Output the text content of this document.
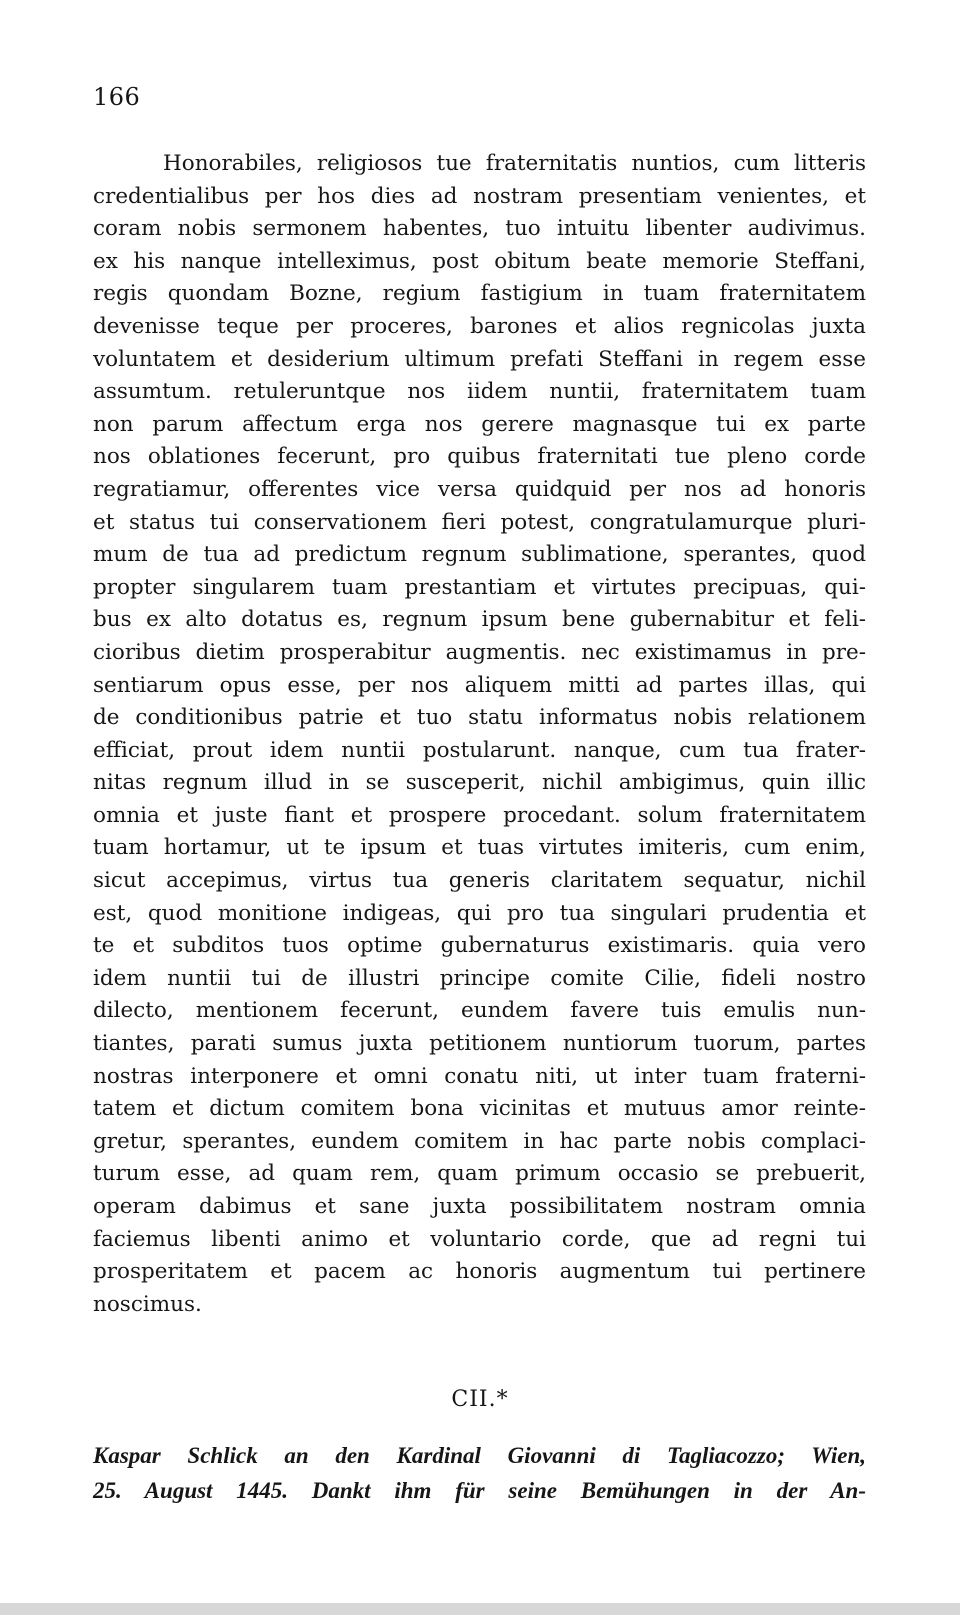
166
Honorabiles, religiosos tue fraternitatis nuntios, cum litteris
credentialibus per hos dies ad nostram presentiam venientes, et
coram nobis sermonem habentes, tuo intuitu libenter audivimus.
ex his nanque intelleximus, post obitum beate memorie Steffani,
regis quondam Bozne, regium fastigium in tuam fraternitatem
devenisse teque per proceres, barones et alios regnicolas juxta
voluntatem et desiderium ultimum prefati Steffani in regem esse
assumtum. retuleruntque nos iidem nuntii, fraternitatem tuam
non parum affectum erga nos gerere magnasque tui ex parte
nos oblationes fecerunt, pro quibus fraternitati tue pleno corde
regratiamur, offerentes vice versa quidquid per nos ad honoris
et status tui conservationem fieri potest, congratulamurque pluri-
mum de tua ad predictum regnum sublimatione, sperantes, quod
propter singularem tuam prestantiam et virtutes precipuas, qui-
bus ex alto dotatus es, regnum ipsum bene gubernabitur et feli-
cioribus dietim prosperabitur augmentis. nec existimamus in pre-
sentiarum opus esse, per nos aliquem mitti ad partes illas, qui
de conditionibus patrie et tuo statu informatus nobis relationem
efficiat, prout idem nuntii postularunt. nanque, cum tua frater-
nitas regnum illud in se susceperit, nichil ambigimus, quin illic
omnia et juste fiant et prospere procedant. solum fraternitatem
tuam hortamur, ut te ipsum et tuas virtutes imiteris, cum enim,
sicut accepimus, virtus tua generis claritatem sequatur, nichil
est, quod monitione indigeas, qui pro tua singulari prudentia et
te et subditos tuos optime gubernaturus existimaris. quia vero
idem nuntii tui de illustri principe comite Cilie, fideli nostro
dilecto, mentionem fecerunt, eundem favere tuis emulis nun-
tiantes, parati sumus juxta petitionem nuntiorum tuorum, partes
nostras interponere et omni conatu niti, ut inter tuam fraterni-
tatem et dictum comitem bona vicinitas et mutuus amor reinte-
gretur, sperantes, eundem comitem in hac parte nobis complaci-
turum esse, ad quam rem, quam primum occasio se prebuerit,
operam dabimus et sane juxta possibilitatem nostram omnia
faciemus libenti animo et voluntario corde, que ad regni tui
prosperitatem et pacem ac honoris augmentum tui pertinere
noscimus.
CII.*
Kaspar Schlick an den Kardinal Giovanni di Tagliacozzo; Wien,
25. August 1445. Dankt ihm für seine Bemühungen in der An-
